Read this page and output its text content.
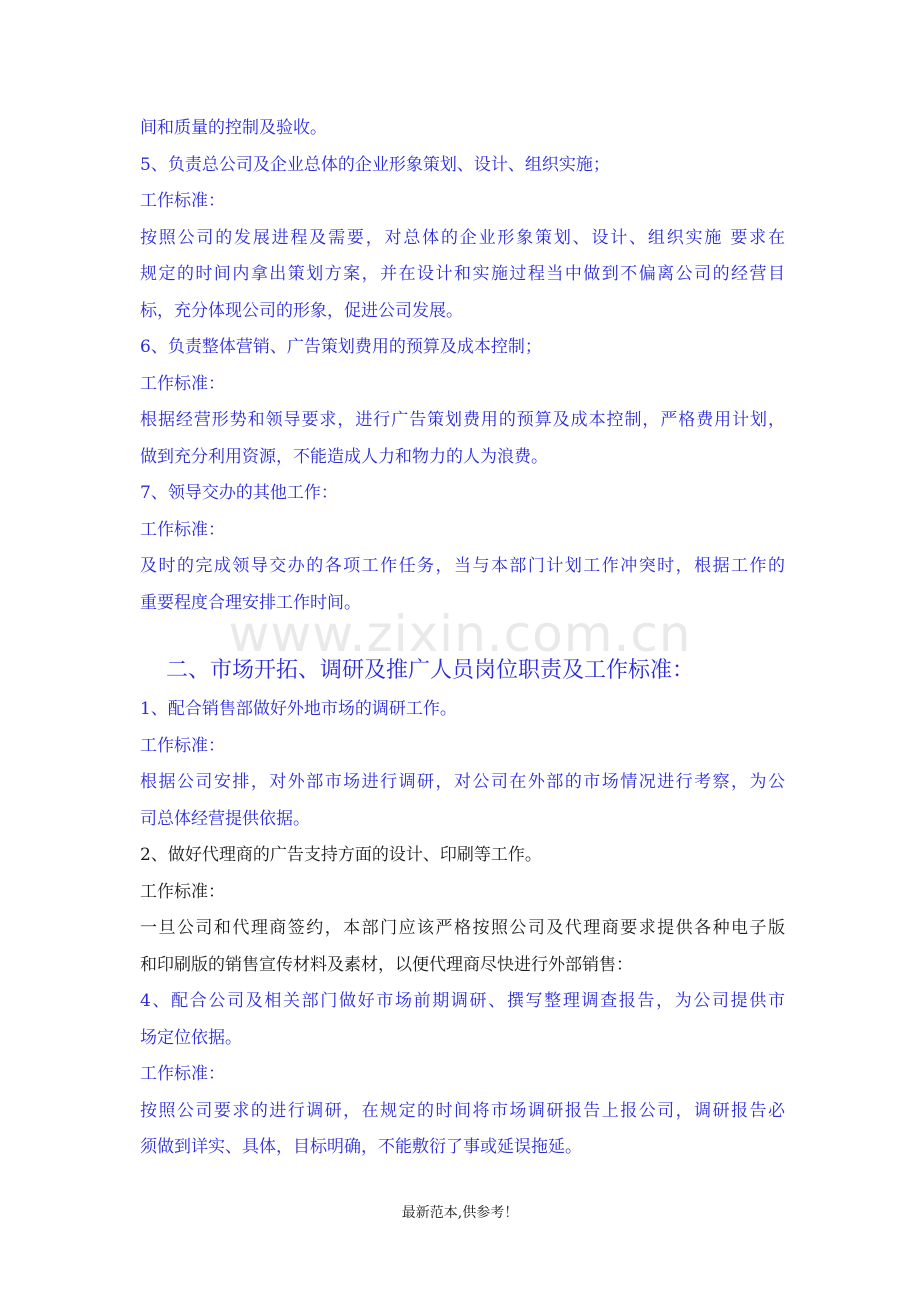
间和质量的控制及验收。
5、负责总公司及企业总体的企业形象策划、设计、组织实施；
工作标准：
按照公司的发展进程及需要，对总体的企业形象策划、设计、组织实施 要求在
规定的时间内拿出策划方案，并在设计和实施过程当中做到不偏离公司的经营目
标，充分体现公司的形象，促进公司发展。
6、负责整体营销、广告策划费用的预算及成本控制；
工作标准：
根据经营形势和领导要求，进行广告策划费用的预算及成本控制，严格费用计划，
做到充分利用资源，不能造成人力和物力的人为浪费。
7、领导交办的其他工作：
工作标准：
及时的完成领导交办的各项工作任务，当与本部门计划工作冲突时，根据工作的
重要程度合理安排工作时间。
二、市场开拓、调研及推广人员岗位职责及工作标准：
1、配合销售部做好外地市场的调研工作。
工作标准：
根据公司安排，对外部市场进行调研，对公司在外部的市场情况进行考察，为公
司总体经营提供依据。
2、做好代理商的广告支持方面的设计、印刷等工作。
工作标准：
一旦公司和代理商签约，本部门应该严格按照公司及代理商要求提供各种电子版
和印刷版的销售宣传材料及素材，以便代理商尽快进行外部销售：
4、配合公司及相关部门做好市场前期调研、撰写整理调查报告，为公司提供市
场定位依据。
工作标准：
按照公司要求的进行调研，在规定的时间将市场调研报告上报公司，调研报告必
须做到详实、具体，目标明确，不能敷衍了事或延误拖延。
www.zixin.com.cn
最新范本,供参考！
